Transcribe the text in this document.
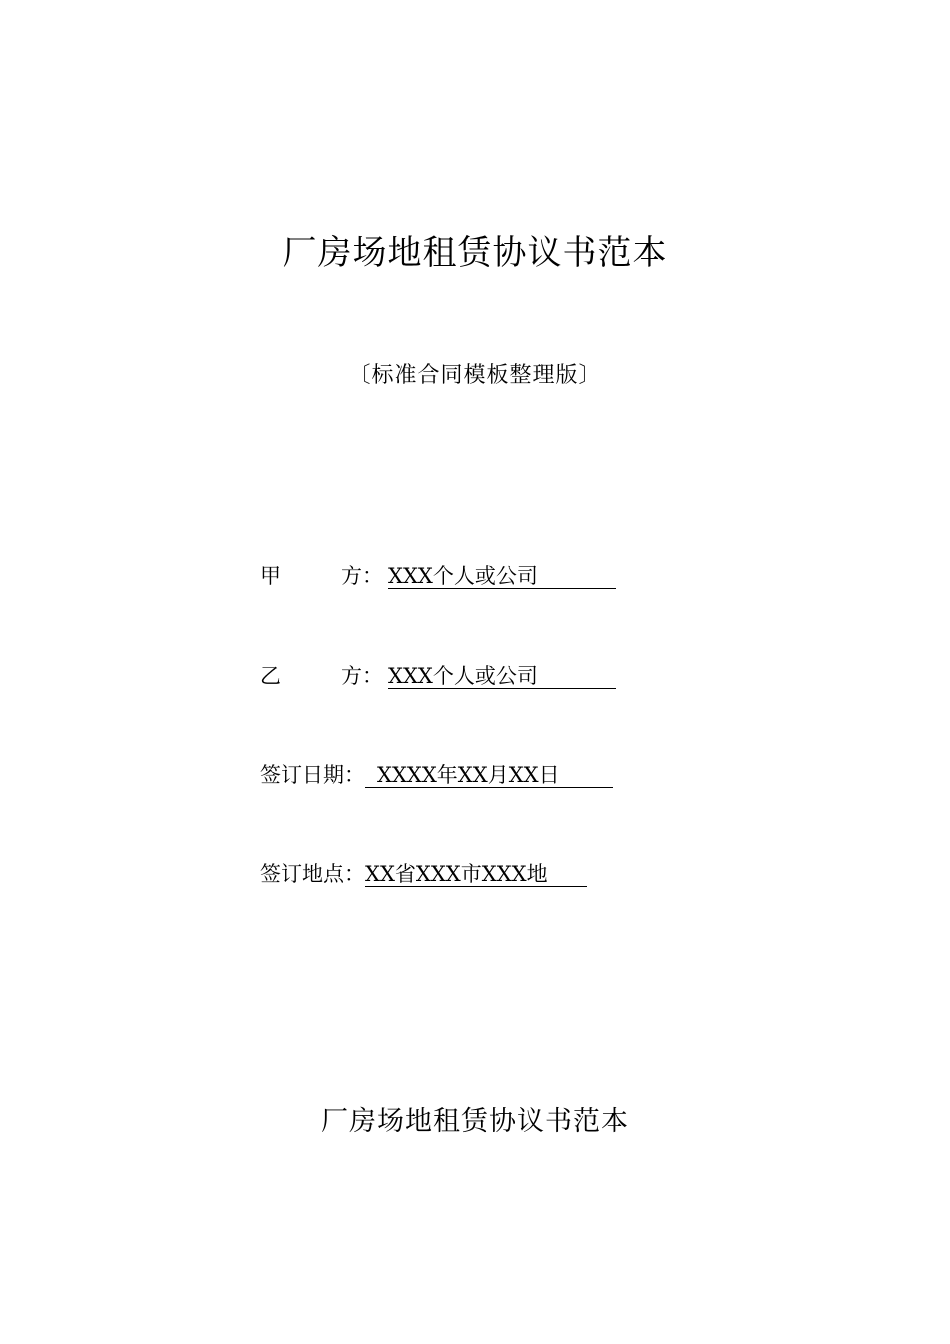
厂房场地租赁协议书范本
〔标准合同模板整理版〕
甲	方 ： XXX个人或公司
乙	方 ： XXX个人或公司
签订日期： XXXX年XX月XX日
签订地点：XX省XXX市XXX地
厂房场地租赁协议书范本
